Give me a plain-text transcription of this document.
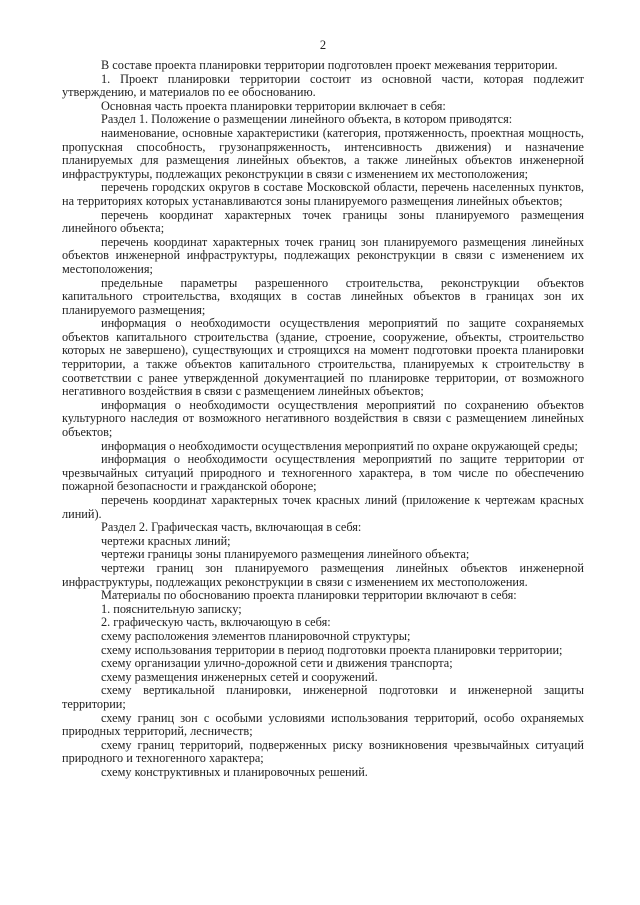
2

В составе проекта планировки территории подготовлен проект межевания территории.

1. Проект планировки территории состоит из основной части, которая подлежит утверждению, и материалов по ее обоснованию.

Основная часть проекта планировки территории включает в себя:

Раздел 1. Положение о размещении линейного объекта, в котором приводятся:

наименование, основные характеристики (категория, протяженность, проектная мощность, пропускная способность, грузонапряженность, интенсивность движения) и назначение планируемых для размещения линейных объектов, а также линейных объектов инженерной инфраструктуры, подлежащих реконструкции в связи с изменением их местоположения;

перечень городских округов в составе Московской области, перечень населенных пунктов, на территориях которых устанавливаются зоны планируемого размещения линейных объектов;

перечень координат характерных точек границы зоны планируемого размещения линейного объекта;

перечень координат характерных точек границ зон планируемого размещения линейных объектов инженерной инфраструктуры, подлежащих реконструкции в связи с изменением их местоположения;

предельные параметры разрешенного строительства, реконструкции объектов капитального строительства, входящих в состав линейных объектов в границах зон их планируемого размещения;

информация о необходимости осуществления мероприятий по защите сохраняемых объектов капитального строительства (здание, строение, сооружение, объекты, строительство которых не завершено), существующих и строящихся на момент подготовки проекта планировки территории, а также объектов капитального строительства, планируемых к строительству в соответствии с ранее утвержденной документацией по планировке территории, от возможного негативного воздействия в связи с размещением линейных объектов;

информация о необходимости осуществления мероприятий по сохранению объектов культурного наследия от возможного негативного воздействия в связи с размещением линейных объектов;

информация о необходимости осуществления мероприятий по охране окружающей среды;

информация о необходимости осуществления мероприятий по защите территории от чрезвычайных ситуаций природного и техногенного характера, в том числе по обеспечению пожарной безопасности и гражданской обороне;

перечень координат характерных точек красных линий (приложение к чертежам красных линий).

Раздел 2. Графическая часть, включающая в себя:

чертежи красных линий;

чертежи границы зоны планируемого размещения линейного объекта;

чертежи границ зон планируемого размещения линейных объектов инженерной инфраструктуры, подлежащих реконструкции в связи с изменением их местоположения.

Материалы по обоснованию проекта планировки территории включают в себя:

1. пояснительную записку;

2. графическую часть, включающую в себя:

схему расположения элементов планировочной структуры;

схему использования территории в период подготовки проекта планировки территории;

схему организации улично-дорожной сети и движения транспорта;

схему размещения инженерных сетей и сооружений.

схему вертикальной планировки, инженерной подготовки и инженерной защиты территории;

схему границ зон с особыми условиями использования территорий, особо охраняемых природных территорий, лесничеств;

схему границ территорий, подверженных риску возникновения чрезвычайных ситуаций природного и техногенного характера;

схему конструктивных и планировочных решений.
